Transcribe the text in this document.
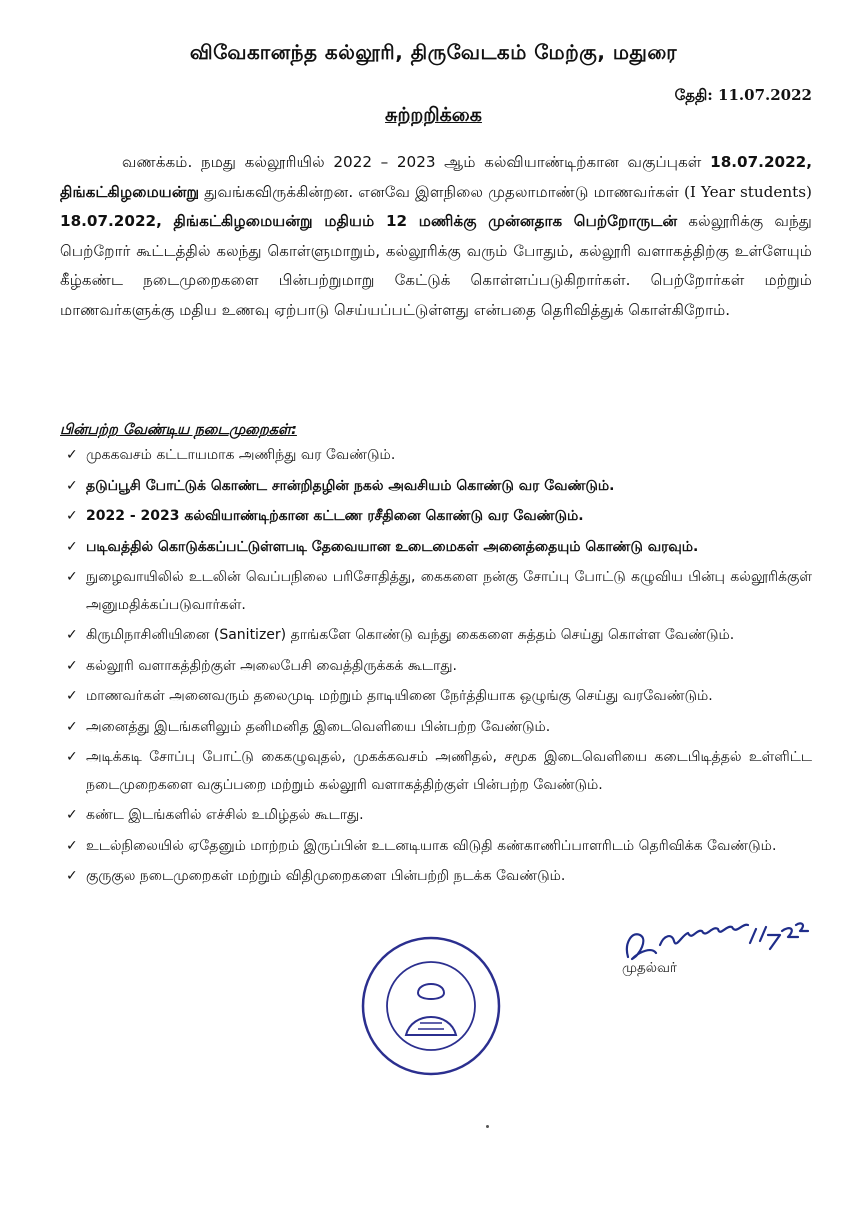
விவேகானந்த கல்லூரி, திருவேடகம் மேற்கு, மதுரை
தேதி: 11.07.2022
சுற்றறிக்கை
வணக்கம். நமது கல்லூரியில் 2022 – 2023 ஆம் கல்வியாண்டிற்கான வகுப்புகள் 18.07.2022, திங்கட்கிழமையன்று துவங்கவிருக்கின்றன. எனவே இளநிலை முதலாமாண்டு மாணவர்கள் (I Year students) 18.07.2022, திங்கட்கிழமையன்று மதியம் 12 மணிக்கு முன்னதாக பெற்றோருடன் கல்லூரிக்கு வந்து பெற்றோர் கூட்டத்தில் கலந்து கொள்ளுமாறும், கல்லூரிக்கு வரும் போதும், கல்லூரி வளாகத்திற்கு உள்ளேயும் கீழ்கண்ட நடைமுறைகளை பின்பற்றுமாறு கேட்டுக் கொள்ளப்படுகிறார்கள். பெற்றோர்கள் மற்றும் மாணவர்களுக்கு மதிய உணவு ஏற்பாடு செய்யப்பட்டுள்ளது என்பதை தெரிவித்துக் கொள்கிறோம்.
பின்பற்ற வேண்டிய நடைமுறைகள்:
✓ முககவசம் கட்டாயமாக அணிந்து வர வேண்டும்.
✓ தடுப்பூசி போட்டுக் கொண்ட சான்றிதழின் நகல் அவசியம் கொண்டு வர வேண்டும்.
✓ 2022 - 2023 கல்வியாண்டிற்கான கட்டண ரசீதினை கொண்டு வர வேண்டும்.
✓ படிவத்தில் கொடுக்கப்பட்டுள்ளபடி தேவையான உடைமைகள் அனைத்தையும் கொண்டு வரவும்.
✓ நுழைவாயிலில் உடலின் வெப்பநிலை பரிசோதித்து, கைகளை நன்கு சோப்பு போட்டு கழுவிய பின்பு கல்லூரிக்குள் அனுமதிக்கப்படுவார்கள்.
✓ கிருமிநாசினியினை (Sanitizer) தாங்களே கொண்டு வந்து கைகளை சுத்தம் செய்து கொள்ள வேண்டும்.
✓ கல்லூரி வளாகத்திற்குள் அலைபேசி வைத்திருக்கக் கூடாது.
✓ மாணவர்கள் அனைவரும் தலைமுடி மற்றும் தாடியினை நேர்த்தியாக ஒழுங்கு செய்து வரவேண்டும்.
✓ அனைத்து இடங்களிலும் தனிமனித இடைவெளியை பின்பற்ற வேண்டும்.
✓ அடிக்கடி சோப்பு போட்டு கைகழுவுதல், முகக்கவசம் அணிதல், சமூக இடைவெளியை கடைபிடித்தல் உள்ளிட்ட நடைமுறைகளை வகுப்பறை மற்றும் கல்லூரி வளாகத்திற்குள் பின்பற்ற வேண்டும்.
✓ கண்ட இடங்களில் எச்சில் உமிழ்தல் கூடாது.
✓ உடல்நிலையில் ஏதேனும் மாற்றம் இருப்பின் உடனடியாக விடுதி கண்காணிப்பாளரிடம் தெரிவிக்க வேண்டும்.
✓ குருகுல நடைமுறைகள் மற்றும் விதிமுறைகளை பின்பற்றி நடக்க வேண்டும்.
முதல்வர்
